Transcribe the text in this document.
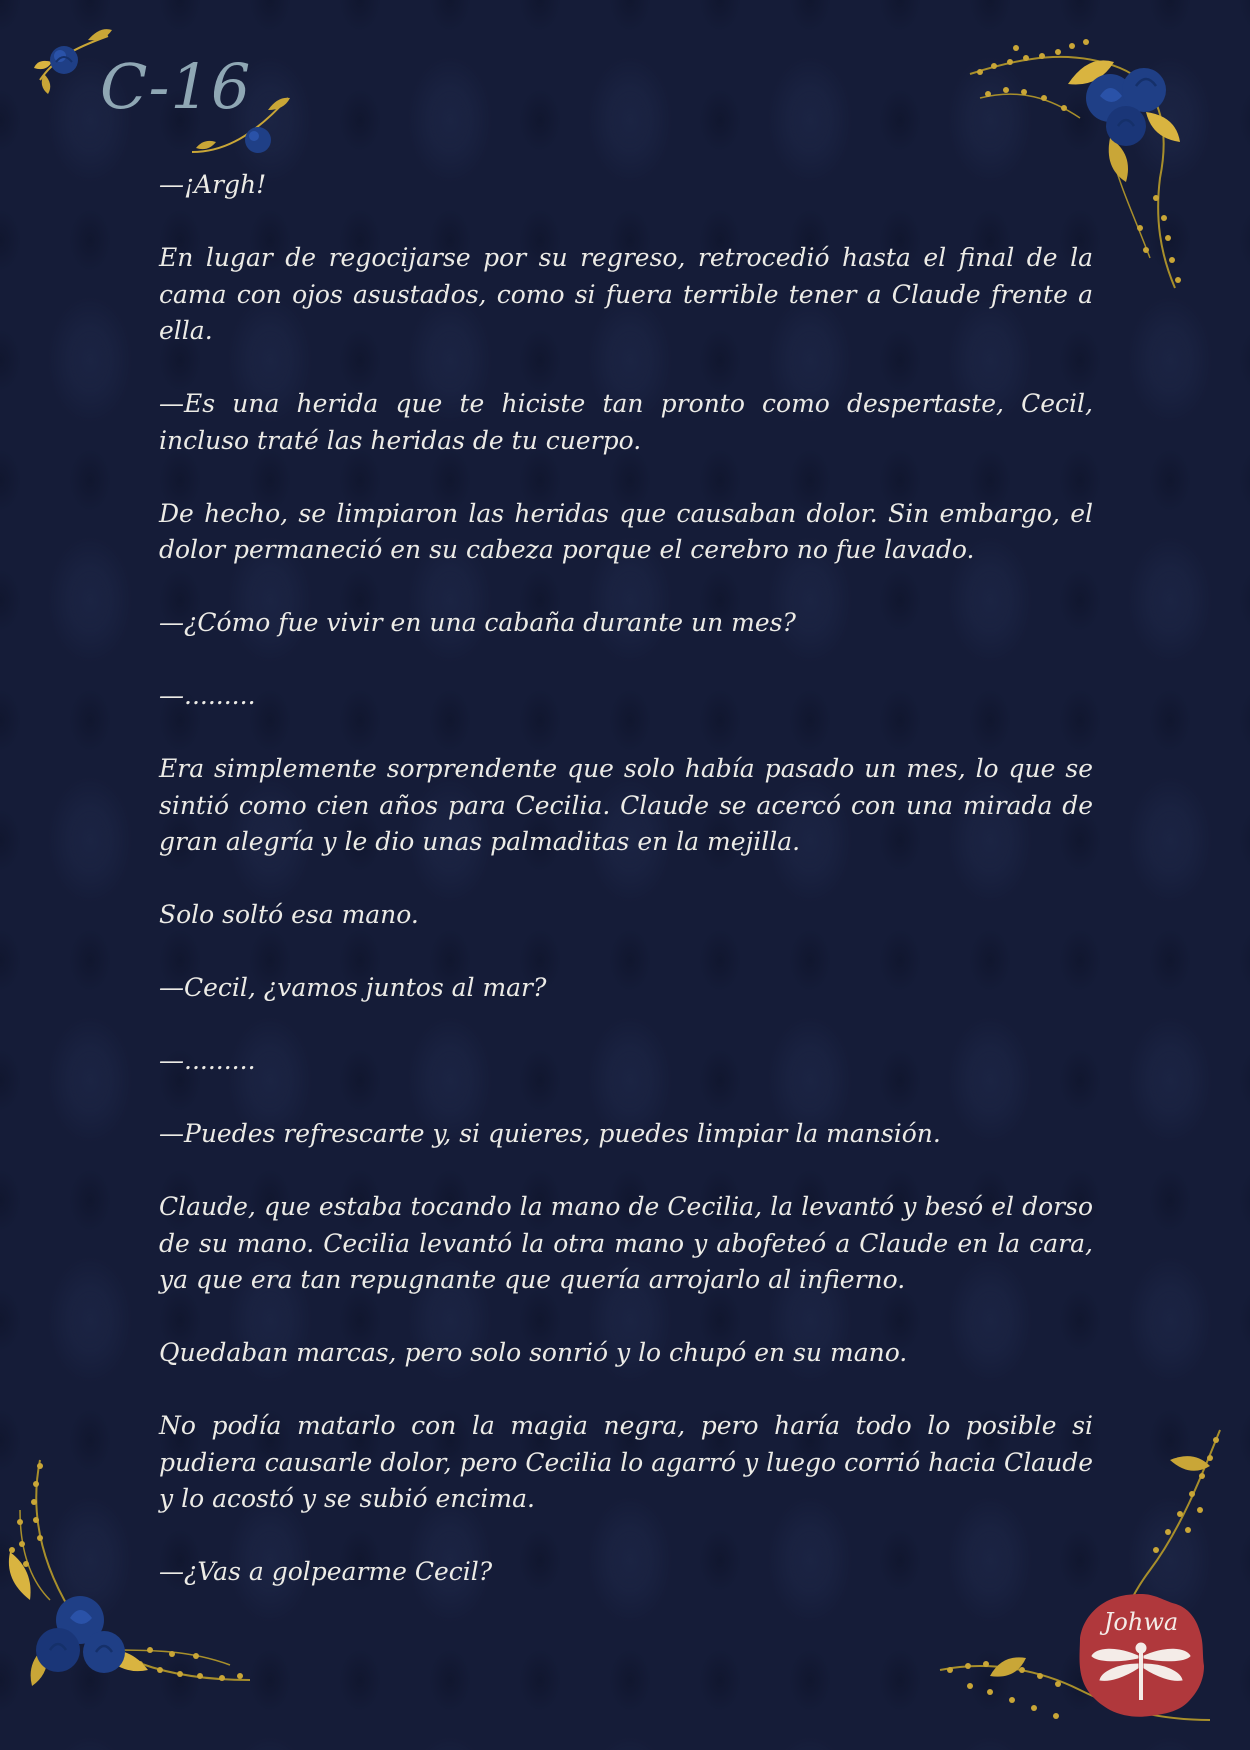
C-16

—¡Argh!

En lugar de regocijarse por su regreso, retrocedió hasta el final de la cama con ojos asustados, como si fuera terrible tener a Claude frente a ella.

—Es una herida que te hiciste tan pronto como despertaste, Cecil, incluso traté las heridas de tu cuerpo.

De hecho, se limpiaron las heridas que causaban dolor. Sin embargo, el dolor permaneció en su cabeza porque el cerebro no fue lavado.

—¿Cómo fue vivir en una cabaña durante un mes?

—.........

Era simplemente sorprendente que solo había pasado un mes, lo que se sintió como cien años para Cecilia. Claude se acercó con una mirada de gran alegría y le dio unas palmaditas en la mejilla.

Solo soltó esa mano.

—Cecil, ¿vamos juntos al mar?

—.........

—Puedes refrescarte y, si quieres, puedes limpiar la mansión.

Claude, que estaba tocando la mano de Cecilia, la levantó y besó el dorso de su mano. Cecilia levantó la otra mano y abofeteó a Claude en la cara, ya que era tan repugnante que quería arrojarlo al infierno.

Quedaban marcas, pero solo sonrió y lo chupó en su mano.

No podía matarlo con la magia negra, pero haría todo lo posible si pudiera causarle dolor, pero Cecilia lo agarró y luego corrió hacia Claude y lo acostó y se subió encima.

—¿Vas a golpearme Cecil?

Johwa
